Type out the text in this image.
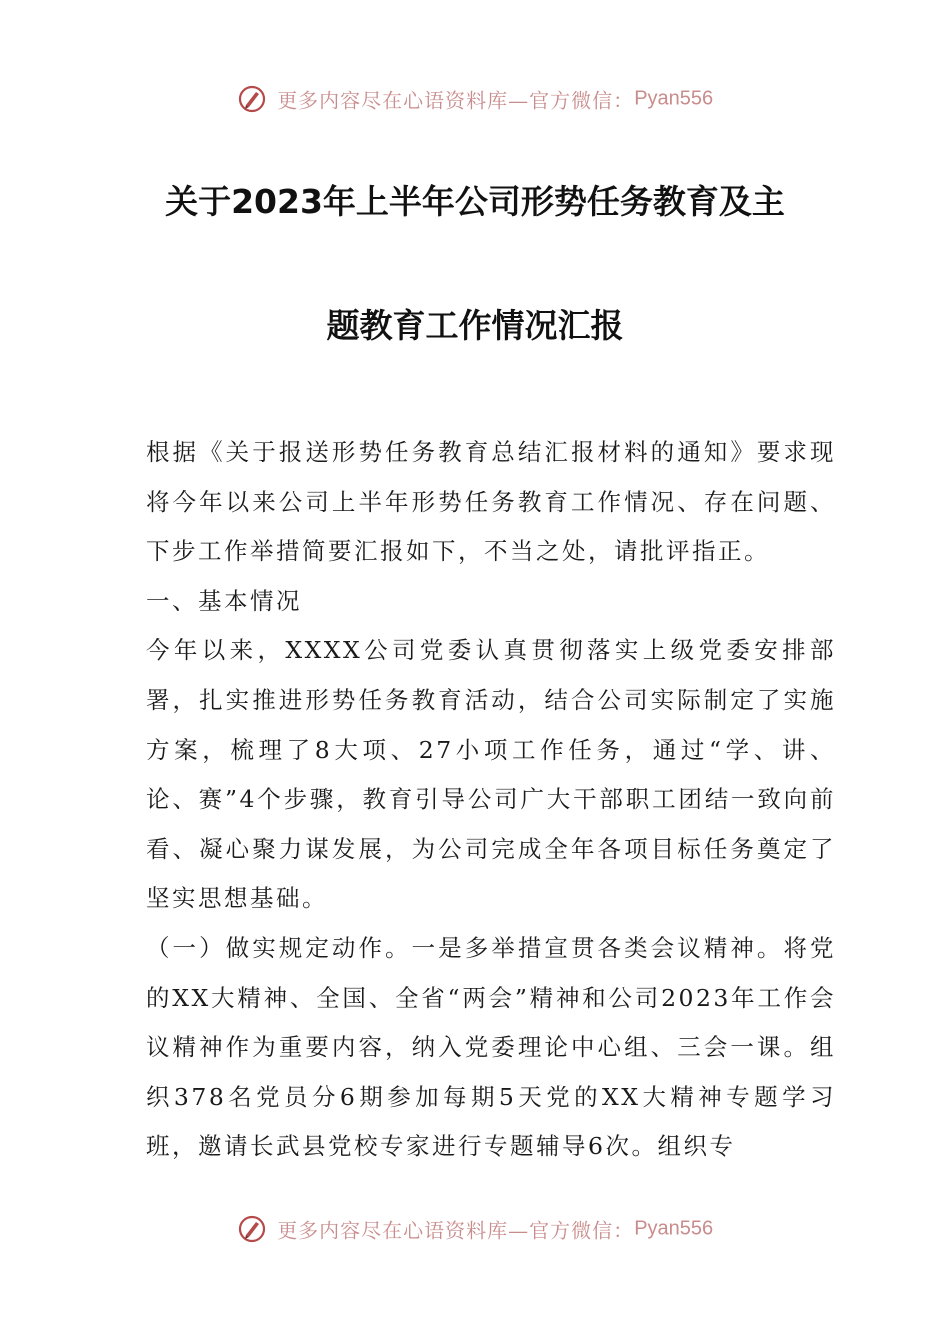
更多内容尽在心语资料库—官方微信：Pyan556
关于2023年上半年公司形势任务教育及主
题教育工作情况汇报

根据《关于报送形势任务教育总结汇报材料的通知》要求现将今年以来公司上半年形势任务教育工作情况、存在问题、下步工作举措简要汇报如下，不当之处，请批评指正。

一、基本情况

今年以来，XXXX公司党委认真贯彻落实上级党委安排部署，扎实推进形势任务教育活动，结合公司实际制定了实施方案，梳理了8大项、27小项工作任务，通过“学、讲、论、赛”4个步骤，教育引导公司广大干部职工团结一致向前看、凝心聚力谋发展，为公司完成全年各项目标任务奠定了坚实思想基础。

（一）做实规定动作。一是多举措宣贯各类会议精神。将党的XX大精神、全国、全省“两会”精神和公司2023年工作会议精神作为重要内容，纳入党委理论中心组、三会一课。组织378名党员分6期参加每期5天党的XX大精神专题学习班，邀请长武县党校专家进行专题辅导6次。组织专

更多内容尽在心语资料库—官方微信：Pyan556
